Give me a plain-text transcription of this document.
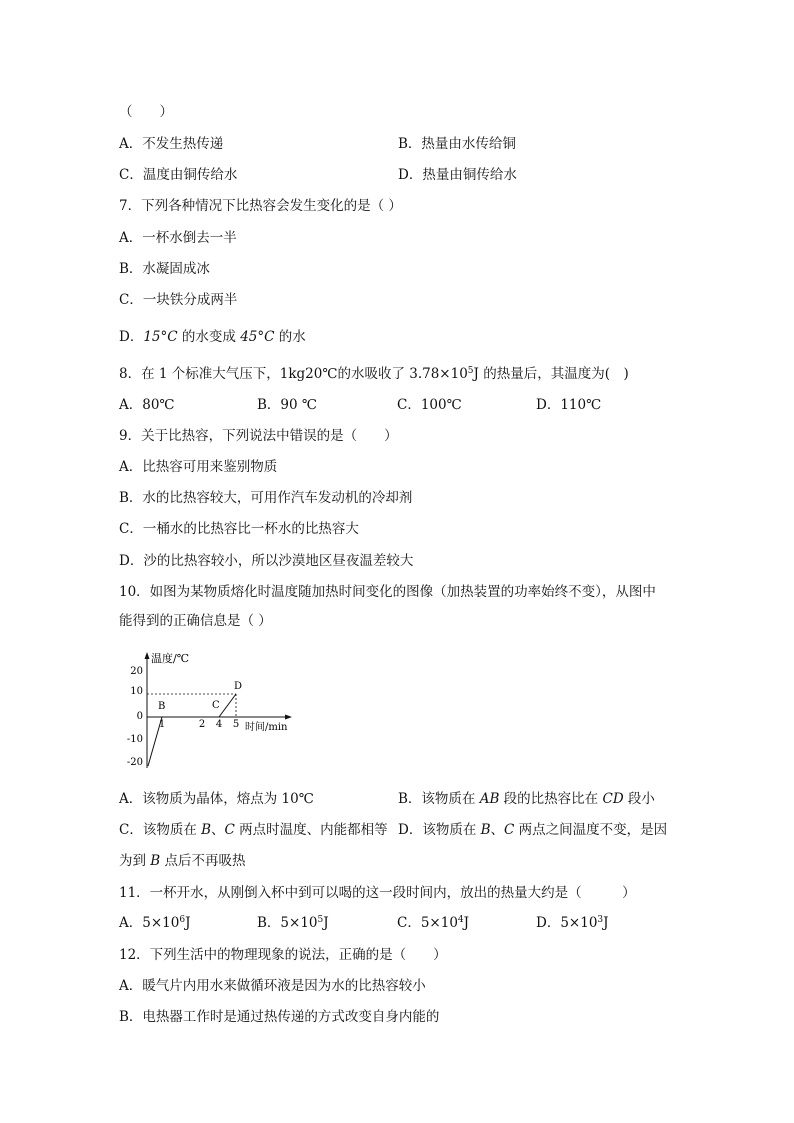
（　　）
A．不发生热传递	B．热量由水传给铜
C．温度由铜传给水	D．热量由铜传给水
7．下列各种情况下比热容会发生变化的是（ ）
A．一杯水倒去一半
B．水凝固成冰
C．一块铁分成两半
D．15°C 的水变成 45°C 的水
8．在 1 个标准大气压下，1kg20℃的水吸收了 $3.78\times 10^5J$ 的热量后，其温度为(　)
A．80℃	B．90 ℃	C．100℃	D．110℃
9．关于比热容，下列说法中错误的是（　　）
A．比热容可用来鉴别物质
B．水的比热容较大，可用作汽车发动机的冷却剂
C．一桶水的比热容比一杯水的比热容大
D．沙的比热容较小，所以沙漠地区昼夜温差较大
10．如图为某物质熔化时温度随加热时间变化的图像（加热装置的功率始终不变），从图中
能得到的正确信息是（ ）
温度/℃
时间/min
20
10
0
-10
-20
1	2 4 5
B	C
D
A．该物质为晶体，熔点为 10℃	B．该物质在 AB 段的比热容比在 CD 段小
C．该物质在 B、C 两点时温度、内能都相等 D．该物质在 B、C 两点之间温度不变，是因
为到 B 点后不再吸热
11．一杯开水，从刚倒入杯中到可以喝的这一段时间内，放出的热量大约是（　　　）
A．$5\times 10^6J$	B．$5\times 10^5J$	C．$5\times 10^4J$	D．$5\times 10^3J$
12．下列生活中的物理现象的说法，正确的是（　　）
A．暖气片内用水来做循环液是因为水的比热容较小
B．电热器工作时是通过热传递的方式改变自身内能的
